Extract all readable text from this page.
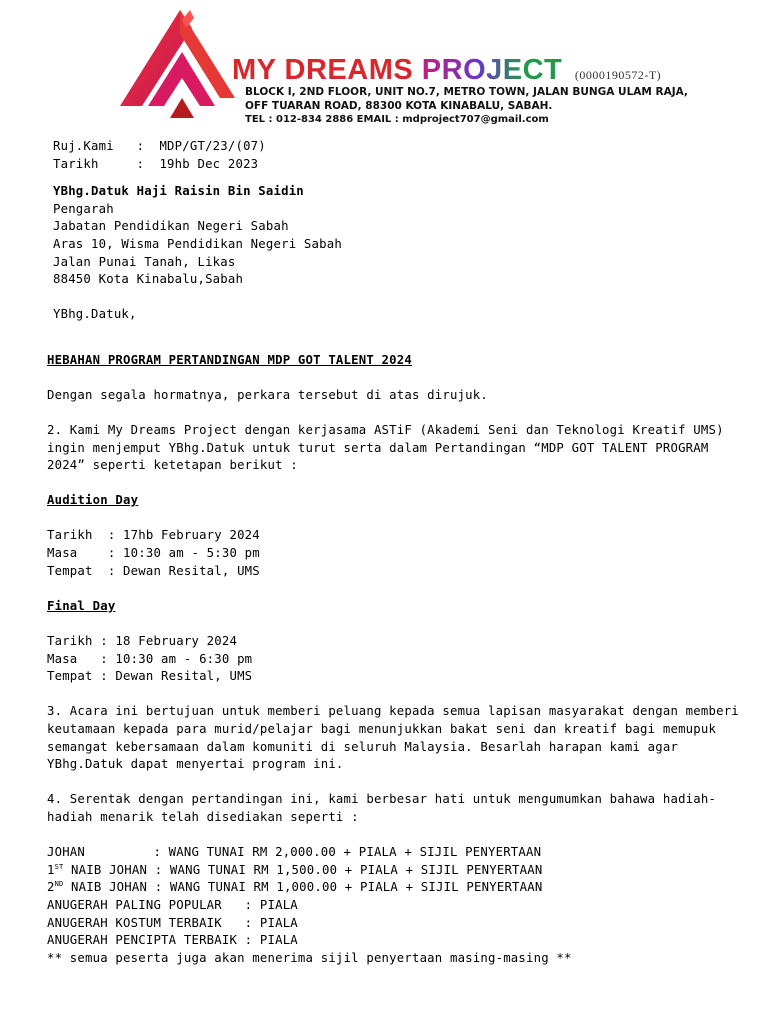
MY DREAMS PROJECT (0000190572-T)
BLOCK I, 2ND FLOOR, UNIT NO.7, METRO TOWN, JALAN BUNGA ULAM RAJA,
OFF TUARAN ROAD, 88300 KOTA KINABALU, SABAH.
TEL : 012-834 2886 EMAIL : mdproject707@gmail.com
Ruj.Kami   :  MDP/GT/23/(07)
Tarikh     :  19hb Dec 2023
YBhg.Datuk Haji Raisin Bin Saidin
Pengarah
Jabatan Pendidikan Negeri Sabah
Aras 10, Wisma Pendidikan Negeri Sabah
Jalan Punai Tanah, Likas
88450 Kota Kinabalu,Sabah
YBhg.Datuk,
HEBAHAN PROGRAM PERTANDINGAN MDP GOT TALENT 2024
Dengan segala hormatnya, perkara tersebut di atas dirujuk.
2. Kami My Dreams Project dengan kerjasama ASTiF (Akademi Seni dan Teknologi Kreatif UMS)
ingin menjemput YBhg.Datuk untuk turut serta dalam Pertandingan “MDP GOT TALENT PROGRAM
2024” seperti ketetapan berikut :
Audition Day
Tarikh  : 17hb February 2024
Masa    : 10:30 am - 5:30 pm
Tempat  : Dewan Resital, UMS
Final Day
Tarikh : 18 February 2024
Masa   : 10:30 am - 6:30 pm
Tempat : Dewan Resital, UMS
3. Acara ini bertujuan untuk memberi peluang kepada semua lapisan masyarakat dengan memberi
keutamaan kepada para murid/pelajar bagi menunjukkan bakat seni dan kreatif bagi memupuk
semangat kebersamaan dalam komuniti di seluruh Malaysia. Besarlah harapan kami agar
YBhg.Datuk dapat menyertai program ini.
4. Serentak dengan pertandingan ini, kami berbesar hati untuk mengumumkan bahawa hadiah-
hadiah menarik telah disediakan seperti :
JOHAN         : WANG TUNAI RM 2,000.00 + PIALA + SIJIL PENYERTAAN
1ST NAIB JOHAN : WANG TUNAI RM 1,500.00 + PIALA + SIJIL PENYERTAAN
2ND NAIB JOHAN : WANG TUNAI RM 1,000.00 + PIALA + SIJIL PENYERTAAN
ANUGERAH PALING POPULAR   : PIALA
ANUGERAH KOSTUM TERBAIK   : PIALA
ANUGERAH PENCIPTA TERBAIK : PIALA
** semua peserta juga akan menerima sijil penyertaan masing-masing **
